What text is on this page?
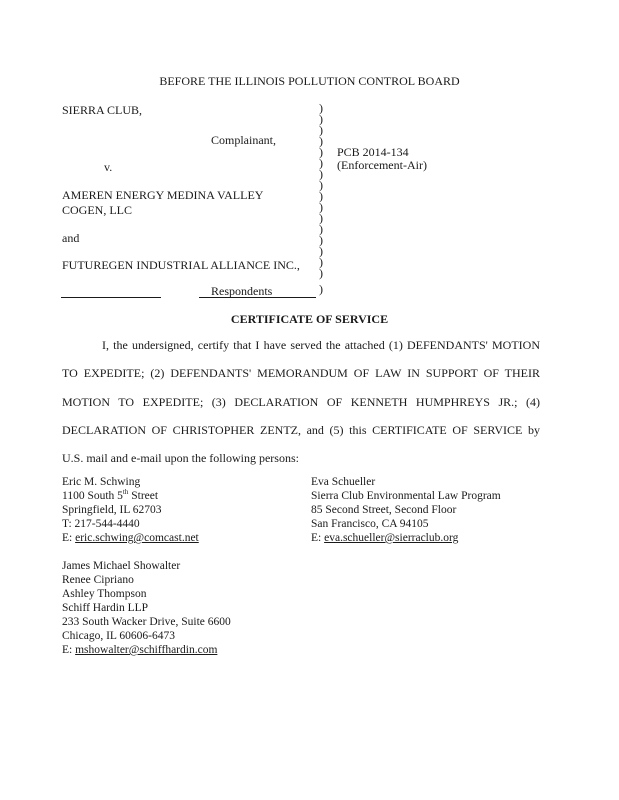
BEFORE THE ILLINOIS POLLUTION CONTROL BOARD
SIERRA CLUB,
Complainant,
v.
AMEREN ENERGY MEDINA VALLEY
COGEN, LLC
and
FUTUREGEN INDUSTRIAL ALLIANCE INC.,
Respondents
)
)
)
)
)
)
)
)
)
)
)
)
)
)
)
)
)
PCB 2014-134
(Enforcement-Air)
CERTIFICATE OF SERVICE
I, the undersigned, certify that I have served the attached (1) DEFENDANTS' MOTION
TO EXPEDITE; (2) DEFENDANTS' MEMORANDUM OF LAW IN SUPPORT OF THEIR
MOTION TO EXPEDITE; (3) DECLARATION OF KENNETH HUMPHREYS JR.; (4)
DECLARATION OF CHRISTOPHER ZENTZ, and (5) this CERTIFICATE OF SERVICE by
U.S. mail and e-mail upon the following persons:
Eric M. Schwing
1100 South 5th Street
Springfield, IL 62703
T: 217-544-4440
E: eric.schwing@comcast.net
Eva Schueller
Sierra Club Environmental Law Program
85 Second Street, Second Floor
San Francisco, CA 94105
E: eva.schueller@sierraclub.org
James Michael Showalter
Renee Cipriano
Ashley Thompson
Schiff Hardin LLP
233 South Wacker Drive, Suite 6600
Chicago, IL 60606-6473
E: mshowalter@schiffhardin.com
